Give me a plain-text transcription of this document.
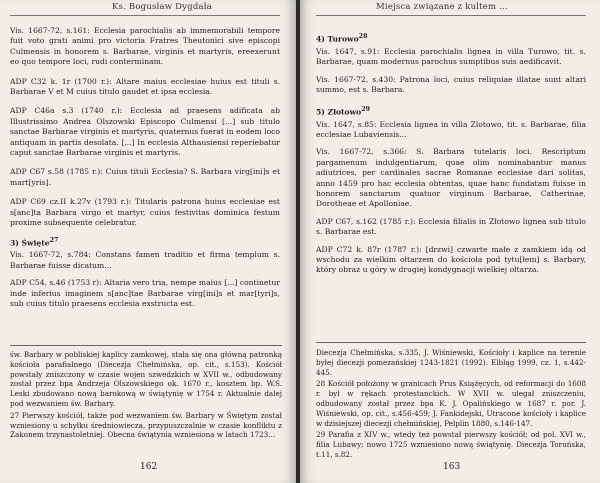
Ks. Bogusław Dygdała

Vis. 1667-72, s.161: Ecclesia parochialis ab immemorabili tempore fuit voto grati animi pro victoria Fratres Theutonici sive episcopi Culmensis in honorem s. Barbarae, virginis et martyris, ereexerunt eo quo tempore loci, rudi conterminam.

ADP C32 k. 1r (1700 r.): Altare maius ecclesiae huius est tituli s. Barbarae V et M cuius titulo gaudet et ipsa ecclesia.

ADP C46a s.3 (1740 r.): Ecclesia ad praesens adificata ab Illustrissimo Andrea Olszowski Episcopo Culmensi [...] sub titulo sanctae Barbarae virginis et martyris, quaternus fuerat in eodem loco antiquam in partis desolata. [...] In ecclesia Althausiensi reperiebatur caput sanctae Barbarae virginis et martyris.

ADP C67 s.58 (1785 r.): Cuius tituli Ecclesia? S. Barbara virg[ini]s et mart[yris].

ADP C69 cz.II k.27v (1793 r.): Titularis patrona huius ecclesiae est s[anc]ta Barbara virgo et martyr, cuius festivitas dominica festum proxime subsequente celebratur.

3) Święte$^{27}$

Vis. 1667-72, s.784: Constans famen traditio et firma templum s. Barbarae fuisse dicatum...

ADP C54, s.46 (1753 r): Altaria vero tria, nempe maius [...] continetur inde inferius imaginem s[anc]tae Barbarae virg[ini]s et mar[tyri]s, sub cuius titulo praesens ecclesia exstructa est.

św. Barbary w pobliskiej kaplicy zamkowej, stała się ona główną patronką kościoła parafialnego (Diecezja Chełmińska, op. cit., s.153). Kościół powstały zniszczony w czasie wojen szwedzkich w XVII w., odbudowany został przez bpa Andrzeja Olszowskiego ok. 1670 r., kosztem bp. W.S. Leski zbudowano nową barokową w świątynię w 1754 r. Aktualnie dalej pod wezwaniem św. Barbary.

27 Pierwszy kościół, także pod wezwaniem św. Barbary w Świętym został wzniesiony u schyłku średniowiecza, przypuszczalnie w czasie konfliktu z Zakonem trzynastoletniej. Obecna świątynia wzniesiona w latach 1723...

162
Miejsca związane z kultem ...
4) Turowo$^{28}$

Vis. 1647, s.91: Ecclesia parochialis lignea in villa Turowo, tit. s. Barbarae, quam modernus parochus sumptibus suis aedificavit.

Vis. 1667-72, s.430: Patrona loci, cuius reliquiae illatae sunt altari summo, est s. Barbara.

5) Złotowo$^{29}$

Vis. 1647, s.85: Ecclesia lignea in villa Zlotowo, tit. s. Barbarae, filia ecclesiae Lubaviensis...

Vis. 1667-72, s.366: S. Barbara tutelaris loci. Rescriptum pargamenum indulgentiarum, quae olim nominabantur manus adiutrices, per cardinales sacrae Romanae ecclesiae dari solitas, anno 1459 pro hac ecclesia obtentas, quae hanc fundatam fuisse in honorem sanctarum quatuor virginum Barbarae, Catherinae, Dorotheae et Apolloniae.

ADP C67, s.162 (1785 r.): Ecclesia filialis in Złotowo lignea sub titulo s. Barbarae est.

ADP C72 k. 87r (1787 r.): [drzwi] czwarte małe z zamkiem idą od wschodu za wielkim ołtarzem do kościoła pod tytu[łem] s. Barbary, który obraz u góry w drugiej kondygnacji wielkiej ołtarza.

Diecezja Chełmińska, s.335, J. Wiśniewski, Kościoły i kaplice na terenie byłej diecezji pomezańskiej 1243-1821 (1992). Elbląg 1999, cz. 1, s.442-445.

28 Kościół położony w granicach Prus Książęcych, od reformacji do 1608 r. był w rękach protestanckich. W XVII w. ulegał zniszczeniu, odbudowany został przez bpa K. J. Opalińskiego w 1687 r. por. J. Wiśniewski, op. cit., s.456-459; J. Fankidejski, Utracone kościoły i kaplice w dzisiejszej diecezji chełmińskiej, Pelplin 1880, s.146-147.

29 Parafia z XIV w., wtedy też powstał pierwszy kościół; od pol. XVI w., filia Lubawy; nowo 1725 wzniesiono nową świątynię. Diecezja Toruńska, t.11, s.82.

163
